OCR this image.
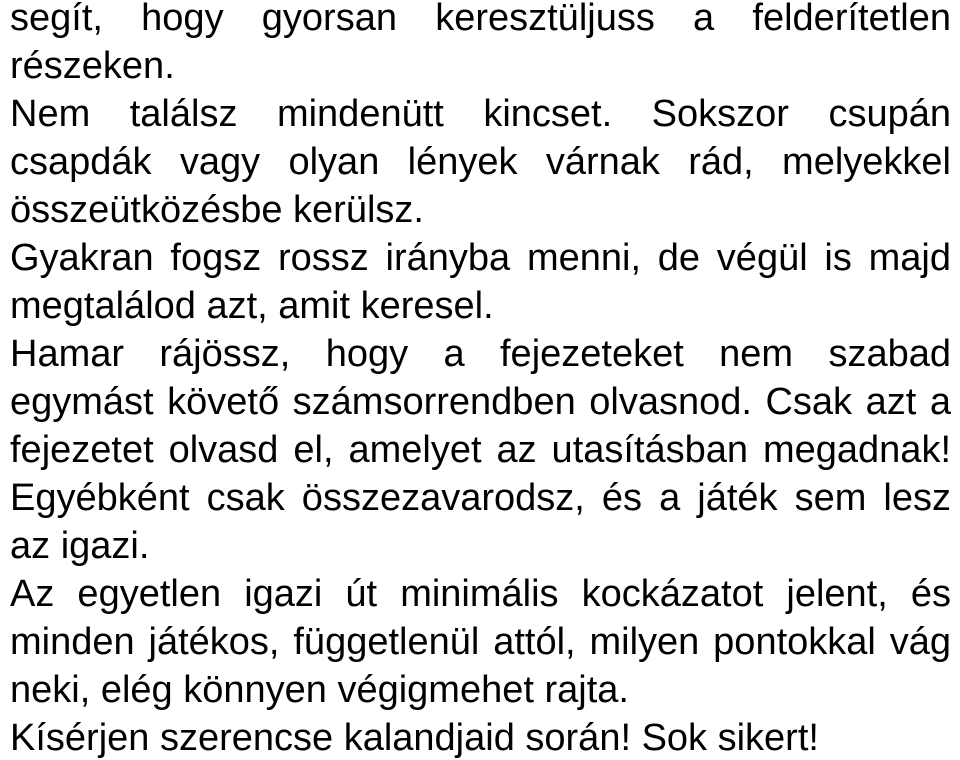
segít, hogy gyorsan keresztüljuss a felderítetlen részeken.

Nem találsz mindenütt kincset. Sokszor csupán csapdák vagy olyan lények várnak rád, melyekkel összeütközésbe kerülsz.

Gyakran fogsz rossz irányba menni, de végül is majd megtalálod azt, amit keresel.

Hamar rájössz, hogy a fejezeteket nem szabad egymást követő számsorrendben olvasnod. Csak azt a fejezetet olvasd el, amelyet az utasításban megadnak! Egyébként csak összezavarodsz, és a játék sem lesz az igazi.

Az egyetlen igazi út minimális kockázatot jelent, és minden játékos, függetlenül attól, milyen pontokkal vág neki, elég könnyen végigmehet rajta.

Kísérjen szerencse kalandjaid során! Sok sikert!
